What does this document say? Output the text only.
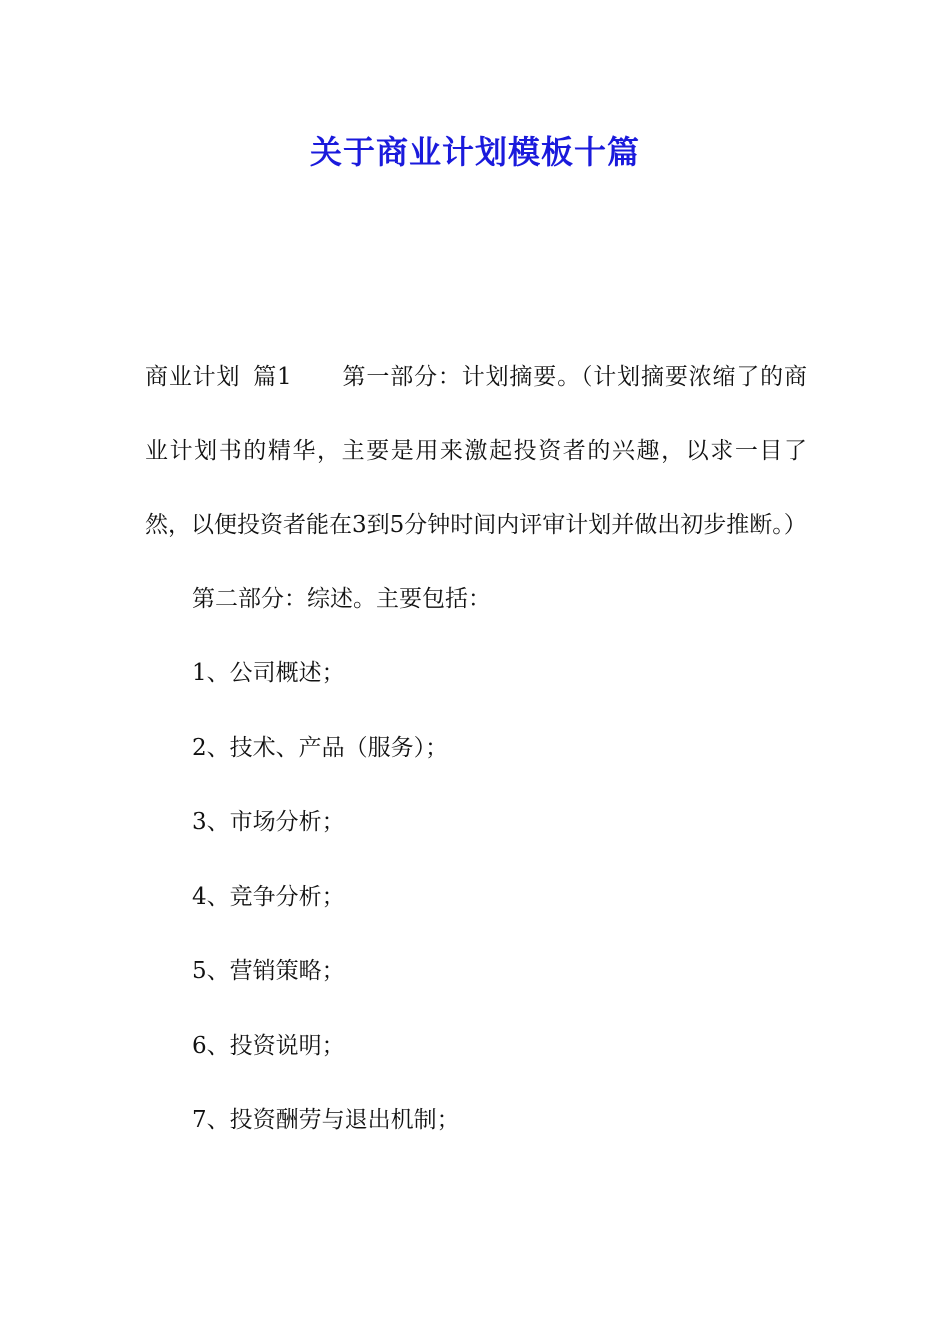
关于商业计划模板十篇

商业计划 篇1 第一部分：计划摘要。（计划摘要浓缩了的商业计划书的精华，主要是用来激起投资者的兴趣，以求一目了然，以便投资者能在3到5分钟时间内评审计划并做出初步推断。）

第二部分：综述。主要包括：

1、公司概述；

2、技术、产品（服务）；

3、市场分析；

4、竞争分析；

5、营销策略；

6、投资说明；

7、投资酬劳与退出机制；
